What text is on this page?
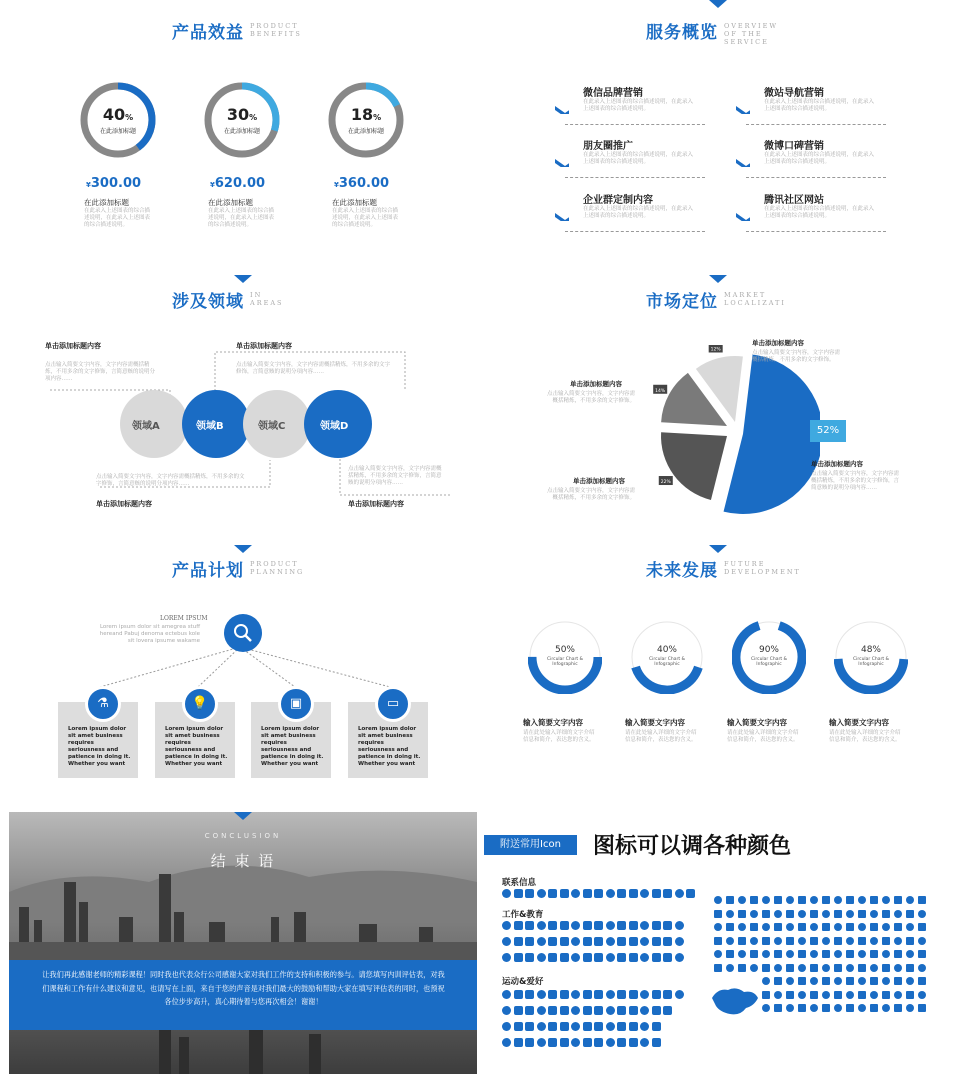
产品效益 PRODUCT
BENEFITS
40%
在此添加标题
¥300.00
在此添加标题
在此录入上述图表的综合描述说明，在此录入上述图表的综合描述说明。
30%
在此添加标题
¥620.00
在此添加标题
在此录入上述图表的综合描述说明，在此录入上述图表的综合描述说明。
18%
在此添加标题
¥360.00
在此添加标题
在此录入上述图表的综合描述说明，在此录入上述图表的综合描述说明。
服务概览 OVERVIEW
OF THE SERVICE
微信品牌营销
在此录入上述图表的综合描述说明，在此录入上述图表的综合描述说明。
微站导航营销
在此录入上述图表的综合描述说明，在此录入上述图表的综合描述说明。
朋友圈推广
在此录入上述图表的综合描述说明，在此录入上述图表的综合描述说明。
微博口碑营销
在此录入上述图表的综合描述说明，在此录入上述图表的综合描述说明。
企业群定制内容
在此录入上述图表的综合描述说明，在此录入上述图表的综合描述说明。
腾讯社区网站
在此录入上述图表的综合描述说明，在此录入上述图表的综合描述说明。
涉及领域 IN
AREAS
单击添加标题内容
点击输入简要文字内容，文字内容需概括精炼，不用多余的文字修饰，言简意赅的说明分项内容……
单击添加标题内容
点击输入简要文字内容，文字内容需概括精炼，不用多余的文字修饰，言简意赅的说明分项内容……
点击输入简要文字内容，文字内容需概括精炼，不用多余的文字修饰，言简意赅的说明分项内容……
单击添加标题内容
点击输入简要文字内容，文字内容需概括精炼，不用多余的文字修饰，言简意赅的说明分项内容……
单击添加标题内容
领域A	领域B	领域C	领域D
市场定位 MARKET
LOCALIZATI
22%
14%
12%
52%
单击添加标题内容
点击输入简要文字内容，文字内容需概括精炼，不用多余的文字修饰。
单击添加标题内容
点击输入简要文字内容，文字内容需概括精炼，不用多余的文字修饰。
单击添加标题内容
点击输入简要文字内容，文字内容需概括精炼，不用多余的文字修饰，言简意赅的说明分项内容……
单击添加标题内容
点击输入简要文字内容，文字内容需概括精炼，不用多余的文字修饰。
产品计划 PRODUCT
PLANNING
LOREM IPSUM
Lorem ipsum dolor sit amegrea stuff hereand Pabuj denoma ectebus kole sit lovera ipsume wakame
Lorem ipsum dolor sit amet business requires seriousness and patience in doing it. Whether you want
⚗
Lorem ipsum dolor sit amet business requires seriousness and patience in doing it. Whether you want
💡
Lorem ipsum dolor sit amet business requires seriousness and patience in doing it. Whether you want
▣
Lorem ipsum dolor sit amet business requires seriousness and patience in doing it. Whether you want
▭
未来发展 FUTURE
DEVELOPMENT
50%
Circular Chart & Infographic
输入简要文字内容
请在此处输入详细的文字介绍信息和简介，表达您的含义。
40%
Circular Chart & Infographic
输入简要文字内容
请在此处输入详细的文字介绍信息和简介，表达您的含义。
90%
Circular Chart & Infographic
输入简要文字内容
请在此处输入详细的文字介绍信息和简介，表达您的含义。
48%
Circular Chart & Infographic
输入简要文字内容
请在此处输入详细的文字介绍信息和简介，表达您的含义。
让我们再此感谢老师的精彩课程！同时我也代表众行公司感谢大家对我们工作的支持和积极的参与。请您填写内训评估表，对我们课程和工作有什么建议和意见，也请写在上面，来自于您的声音是对我们最大的鼓励和帮助大家在填写评估表的同时，也预祝各位步步高升，真心期待着与您再次相会！谢谢！
CONCLUSION
结 束 语
附送常用Icon	图标可以调各种颜色
联系信息
工作&教育
运动&爱好
